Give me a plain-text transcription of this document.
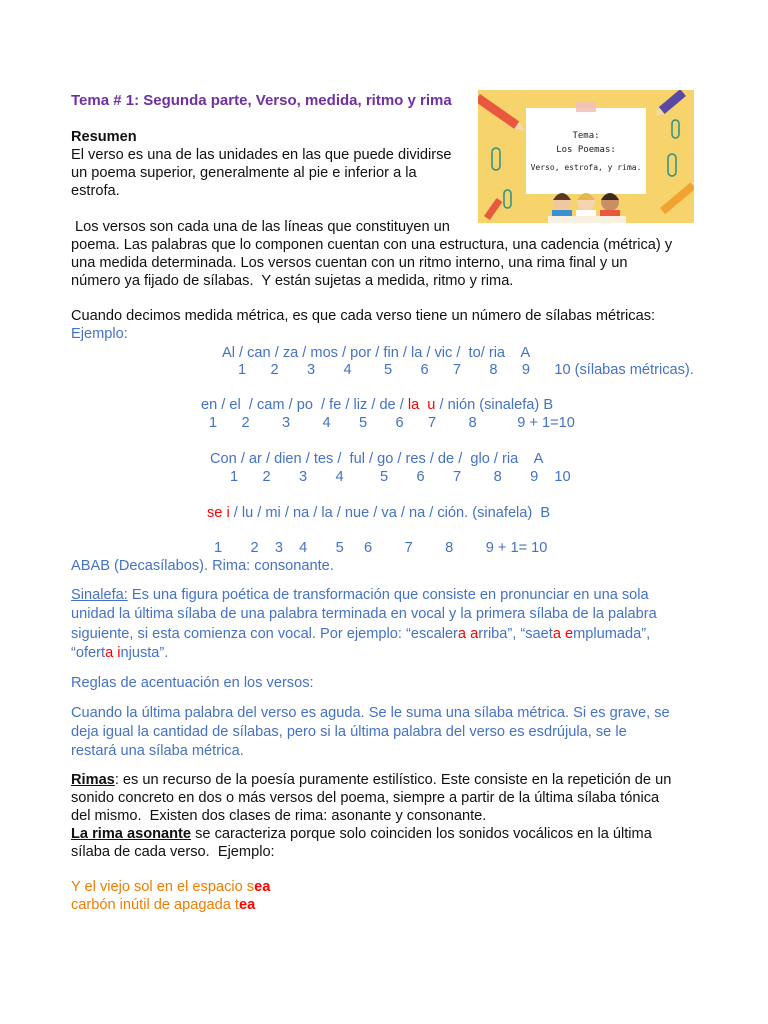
Tema # 1: Segunda parte, Verso, medida, ritmo y rima
Tema:
Los Poemas:
Verso, estrofa, y rima.
Resumen
El verso es una de las unidades en las que puede dividirse
un poema superior, generalmente al pie e inferior a la
estrofa.
Los versos son cada una de las líneas que constituyen un
poema. Las palabras que lo componen cuentan con una estructura, una cadencia (métrica) y
una medida determinada. Los versos cuentan con un ritmo interno, una rima final y un
número ya fijado de sílabas.  Y están sujetas a medida, ritmo y rima.
Cuando decimos medida métrica, es que cada verso tiene un número de sílabas métricas:
Ejemplo:
Al / can / za / mos / por / fin / la / vic /  to/ ria    A
1      2       3       4        5       6      7       8      9      10 (sílabas métricas).
en / el  / cam / po  / fe / liz / de / la  u / nión (sinalefa) B
1      2        3        4       5       6      7        8          9 + 1=10
Con / ar / dien / tes /  ful / go / res / de /  glo / ria    A
1      2       3       4         5       6       7        8       9    10
se i / lu / mi / na / la / nue / va / na / ción. (sinafela)  B
1       2    3    4       5     6        7        8        9 + 1= 10
ABAB (Decasílabos). Rima: consonante.
Sinalefa: Es una figura poética de transformación que consiste en pronunciar en una sola
unidad la última sílaba de una palabra terminada en vocal y la primera sílaba de la palabra
siguiente, si esta comienza con vocal. Por ejemplo: “escalera arriba”, “saeta emplumada”,
“oferta injusta”.
Reglas de acentuación en los versos:
Cuando la última palabra del verso es aguda. Se le suma una sílaba métrica. Si es grave, se
deja igual la cantidad de sílabas, pero si la última palabra del verso es esdrújula, se le
restará una sílaba métrica.
Rimas: es un recurso de la poesía puramente estilístico. Este consiste en la repetición de un
sonido concreto en dos o más versos del poema, siempre a partir de la última sílaba tónica
del mismo.  Existen dos clases de rima: asonante y consonante.
La rima asonante se caracteriza porque solo coinciden los sonidos vocálicos en la última
sílaba de cada verso.  Ejemplo:
Y el viejo sol en el espacio sea
carbón inútil de apagada tea
